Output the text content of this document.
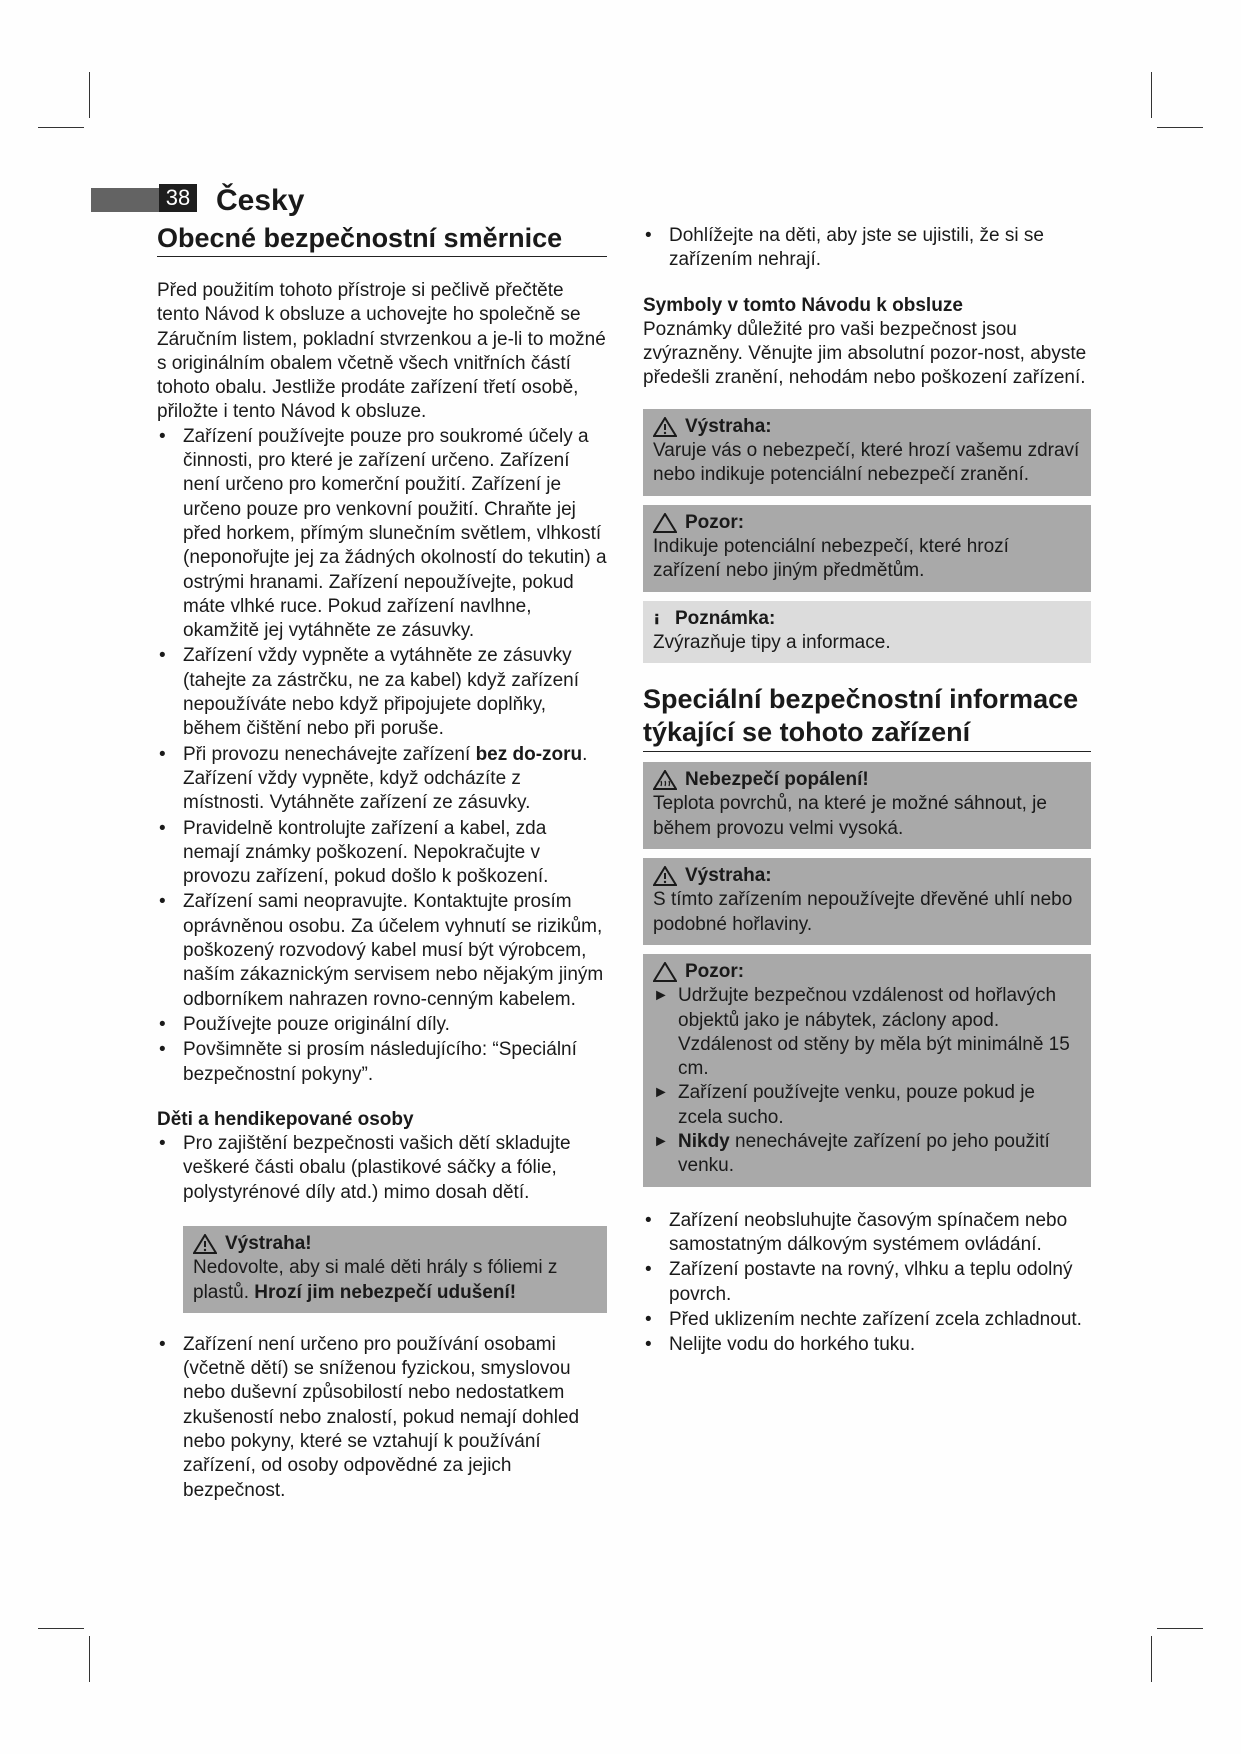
38 Česky
Obecné bezpečnostní směrnice

Před použitím tohoto přístroje si pečlivě přečtěte tento Návod k obsluze a uchovejte ho společně se Záručním listem, pokladní stvrzenkou a je-li to možné s originálním obalem včetně všech vnitřních částí tohoto obalu. Jestliže prodáte zařízení třetí osobě, přiložte i tento Návod k obsluze.

• Zařízení používejte pouze pro soukromé účely a činnosti, pro které je zařízení určeno. Zařízení není určeno pro komerční použití. Zařízení je určeno pouze pro venkovní použití. Chraňte jej před horkem, přímým slunečním světlem, vlhkostí (neponořujte jej za žádných okolností do tekutin) a ostrými hranami. Zařízení nepoužívejte, pokud máte vlhké ruce. Pokud zařízení navlhne, okamžitě jej vytáhněte ze zásuvky.
• Zařízení vždy vypněte a vytáhněte ze zásuvky (tahejte za zástrčku, ne za kabel) když zařízení nepoužíváte nebo když připojujete doplňky, během čištění nebo při poruše.
• Při provozu nenechávejte zařízení bez do-zoru. Zařízení vždy vypněte, když odcházíte z místnosti. Vytáhněte zařízení ze zásuvky.
• Pravidelně kontrolujte zařízení a kabel, zda nemají známky poškození. Nepokračujte v provozu zařízení, pokud došlo k poškození.
• Zařízení sami neopravujte. Kontaktujte prosím oprávněnou osobu. Za účelem vyhnutí se rizikům, poškozený rozvodový kabel musí být výrobcem, naším zákaznickým servisem nebo nějakým jiným odborníkem nahrazen rovno-cenným kabelem.
• Používejte pouze originální díly.
• Povšimněte si prosím následujícího: “Speciální bezpečnostní pokyny”.
Děti a hendikepované osoby
• Pro zajištění bezpečnosti vašich dětí skladujte veškeré části obalu (plastikové sáčky a fólie, polystyrénové díly atd.) mimo dosah dětí.
Výstraha!
Nedovolte, aby si malé děti hrály s fóliemi z plastů. Hrozí jim nebezpečí udušení!
• Zařízení není určeno pro používání osobami (včetně dětí) se sníženou fyzickou, smyslovou nebo duševní způsobilostí nebo nedostatkem zkušeností nebo znalostí, pokud nemají dohled nebo pokyny, které se vztahují k používání zařízení, od osoby odpovědné za jejich bezpečnost.
• Dohlížejte na děti, aby jste se ujistili, že si se zařízením nehrají.
Symboly v tomto Návodu k obsluze

Poznámky důležité pro vaši bezpečnost jsou zvýrazněny. Věnujte jim absolutní pozor-nost, abyste předešli zranění, nehodám nebo poškození zařízení.

Výstraha:
Varuje vás o nebezpečí, které hrozí vašemu zdraví nebo indikuje potenciální nebezpečí zranění.
Pozor:
Indikuje potenciální nebezpečí, které hrozí zařízení nebo jiným předmětům.
Poznámka:
Zvýrazňuje tipy a informace.
Speciální bezpečnostní informace týkající se tohoto zařízení
Nebezpečí popálení!
Teplota povrchů, na které je možné sáhnout, je během provozu velmi vysoká.
Výstraha:
S tímto zařízením nepoužívejte dřevěné uhlí nebo podobné hořlaviny.
Pozor:
► Udržujte bezpečnou vzdálenost od hořlavých objektů jako je nábytek, záclony apod. Vzdálenost od stěny by měla být minimálně 15 cm.
► Zařízení používejte venku, pouze pokud je zcela sucho.
► Nikdy nenechávejte zařízení po jeho použití venku.
• Zařízení neobsluhujte časovým spínačem nebo samostatným dálkovým systémem ovládání.
• Zařízení postavte na rovný, vlhku a teplu odolný povrch.
• Před uklizením nechte zařízení zcela zchladnout.
• Nelijte vodu do horkého tuku.
